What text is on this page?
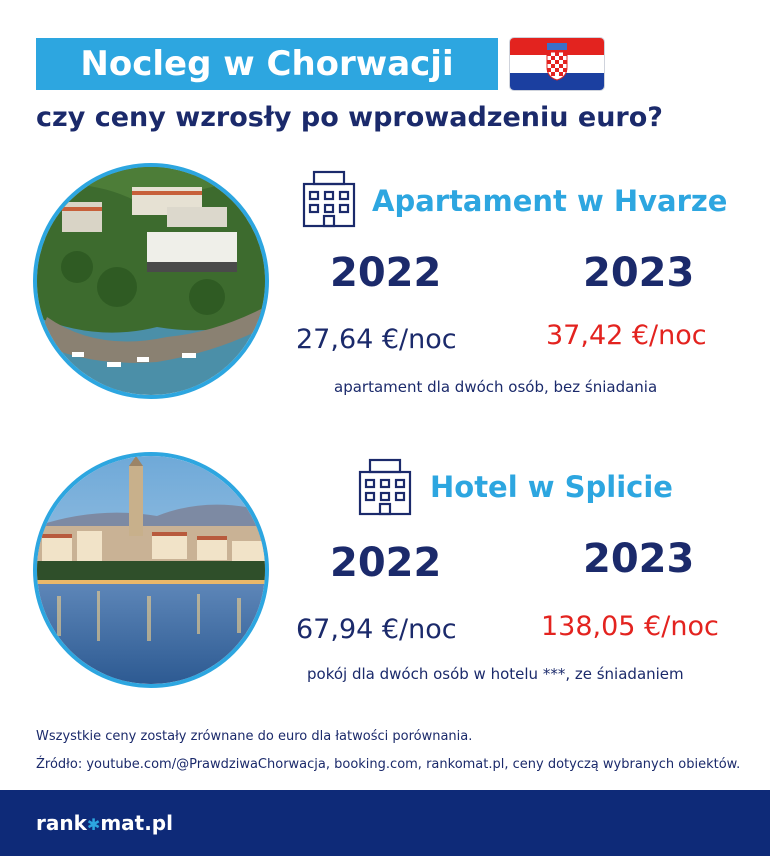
Nocleg w Chorwacji
czy ceny wzrosły po wprowadzeniu euro?
Apartament w Hvarze
2022	2023
27,64 €/noc	37,42 €/noc
apartament dla dwóch osób, bez śniadania
Hotel w Splicie
2022	2023
67,94 €/noc	138,05 €/noc
pokój dla dwóch osób w hotelu ***, ze śniadaniem
Wszystkie ceny zostały zrównane do euro dla łatwości porównania.
Źródło: youtube.com/@PrawdziwaChorwacja, booking.com, rankomat.pl, ceny dotyczą wybranych obiektów.
rank✱mat.pl
